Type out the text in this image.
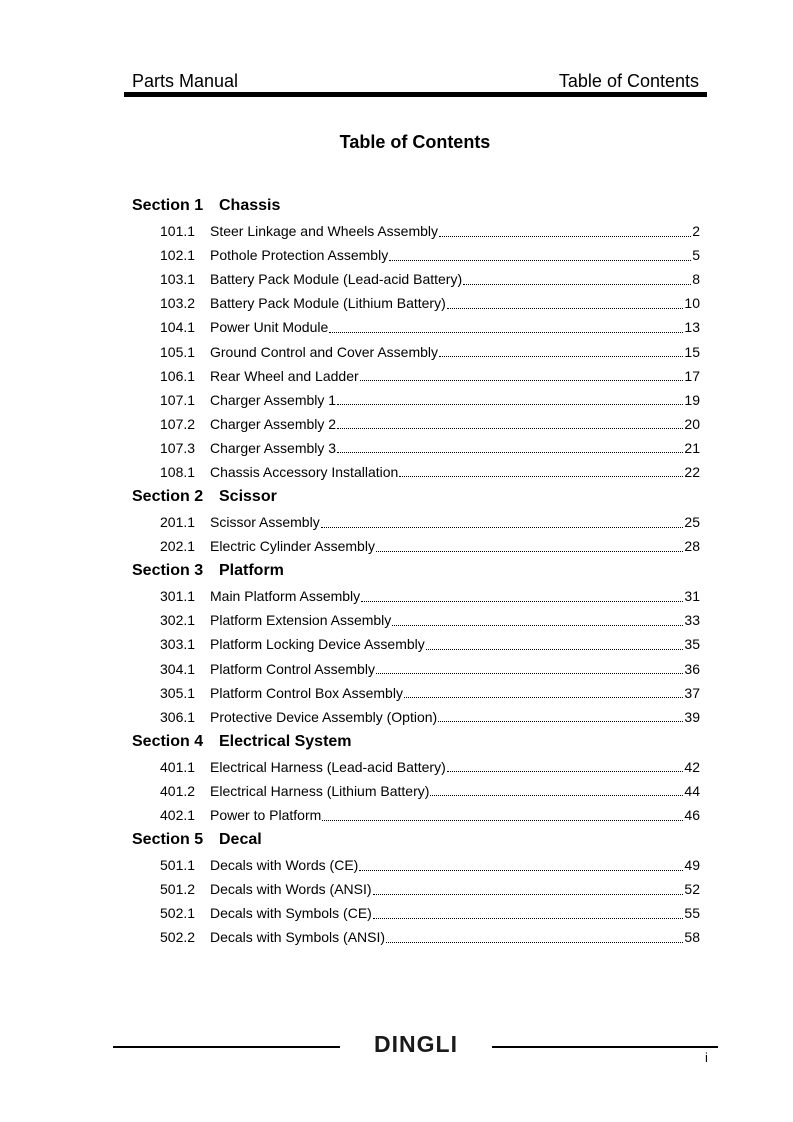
Parts Manual	Table of Contents
Table of Contents
Section 1 Chassis
101.1	Steer Linkage and Wheels Assembly	2
102.1	Pothole Protection Assembly	5
103.1	Battery Pack Module (Lead-acid Battery)	8
103.2	Battery Pack Module (Lithium Battery)	10
104.1	Power Unit Module	13
105.1	Ground Control and Cover Assembly	15
106.1	Rear Wheel and Ladder	17
107.1	Charger Assembly 1	19
107.2	Charger Assembly 2	20
107.3	Charger Assembly 3	21
108.1	Chassis Accessory Installation	22
Section 2 Scissor
201.1	Scissor Assembly	25
202.1	Electric Cylinder Assembly	28
Section 3 Platform
301.1	Main Platform Assembly	31
302.1	Platform Extension Assembly	33
303.1	Platform Locking Device Assembly	35
304.1	Platform Control Assembly	36
305.1	Platform Control Box Assembly	37
306.1	Protective Device Assembly (Option)	39
Section 4 Electrical System
401.1	Electrical Harness (Lead-acid Battery)	42
401.2	Electrical Harness (Lithium Battery)	44
402.1	Power to Platform	46
Section 5 Decal
501.1	Decals with Words (CE)	49
501.2	Decals with Words (ANSI)	52
502.1	Decals with Symbols (CE)	55
502.2	Decals with Symbols (ANSI)	58
DINGLI
i
